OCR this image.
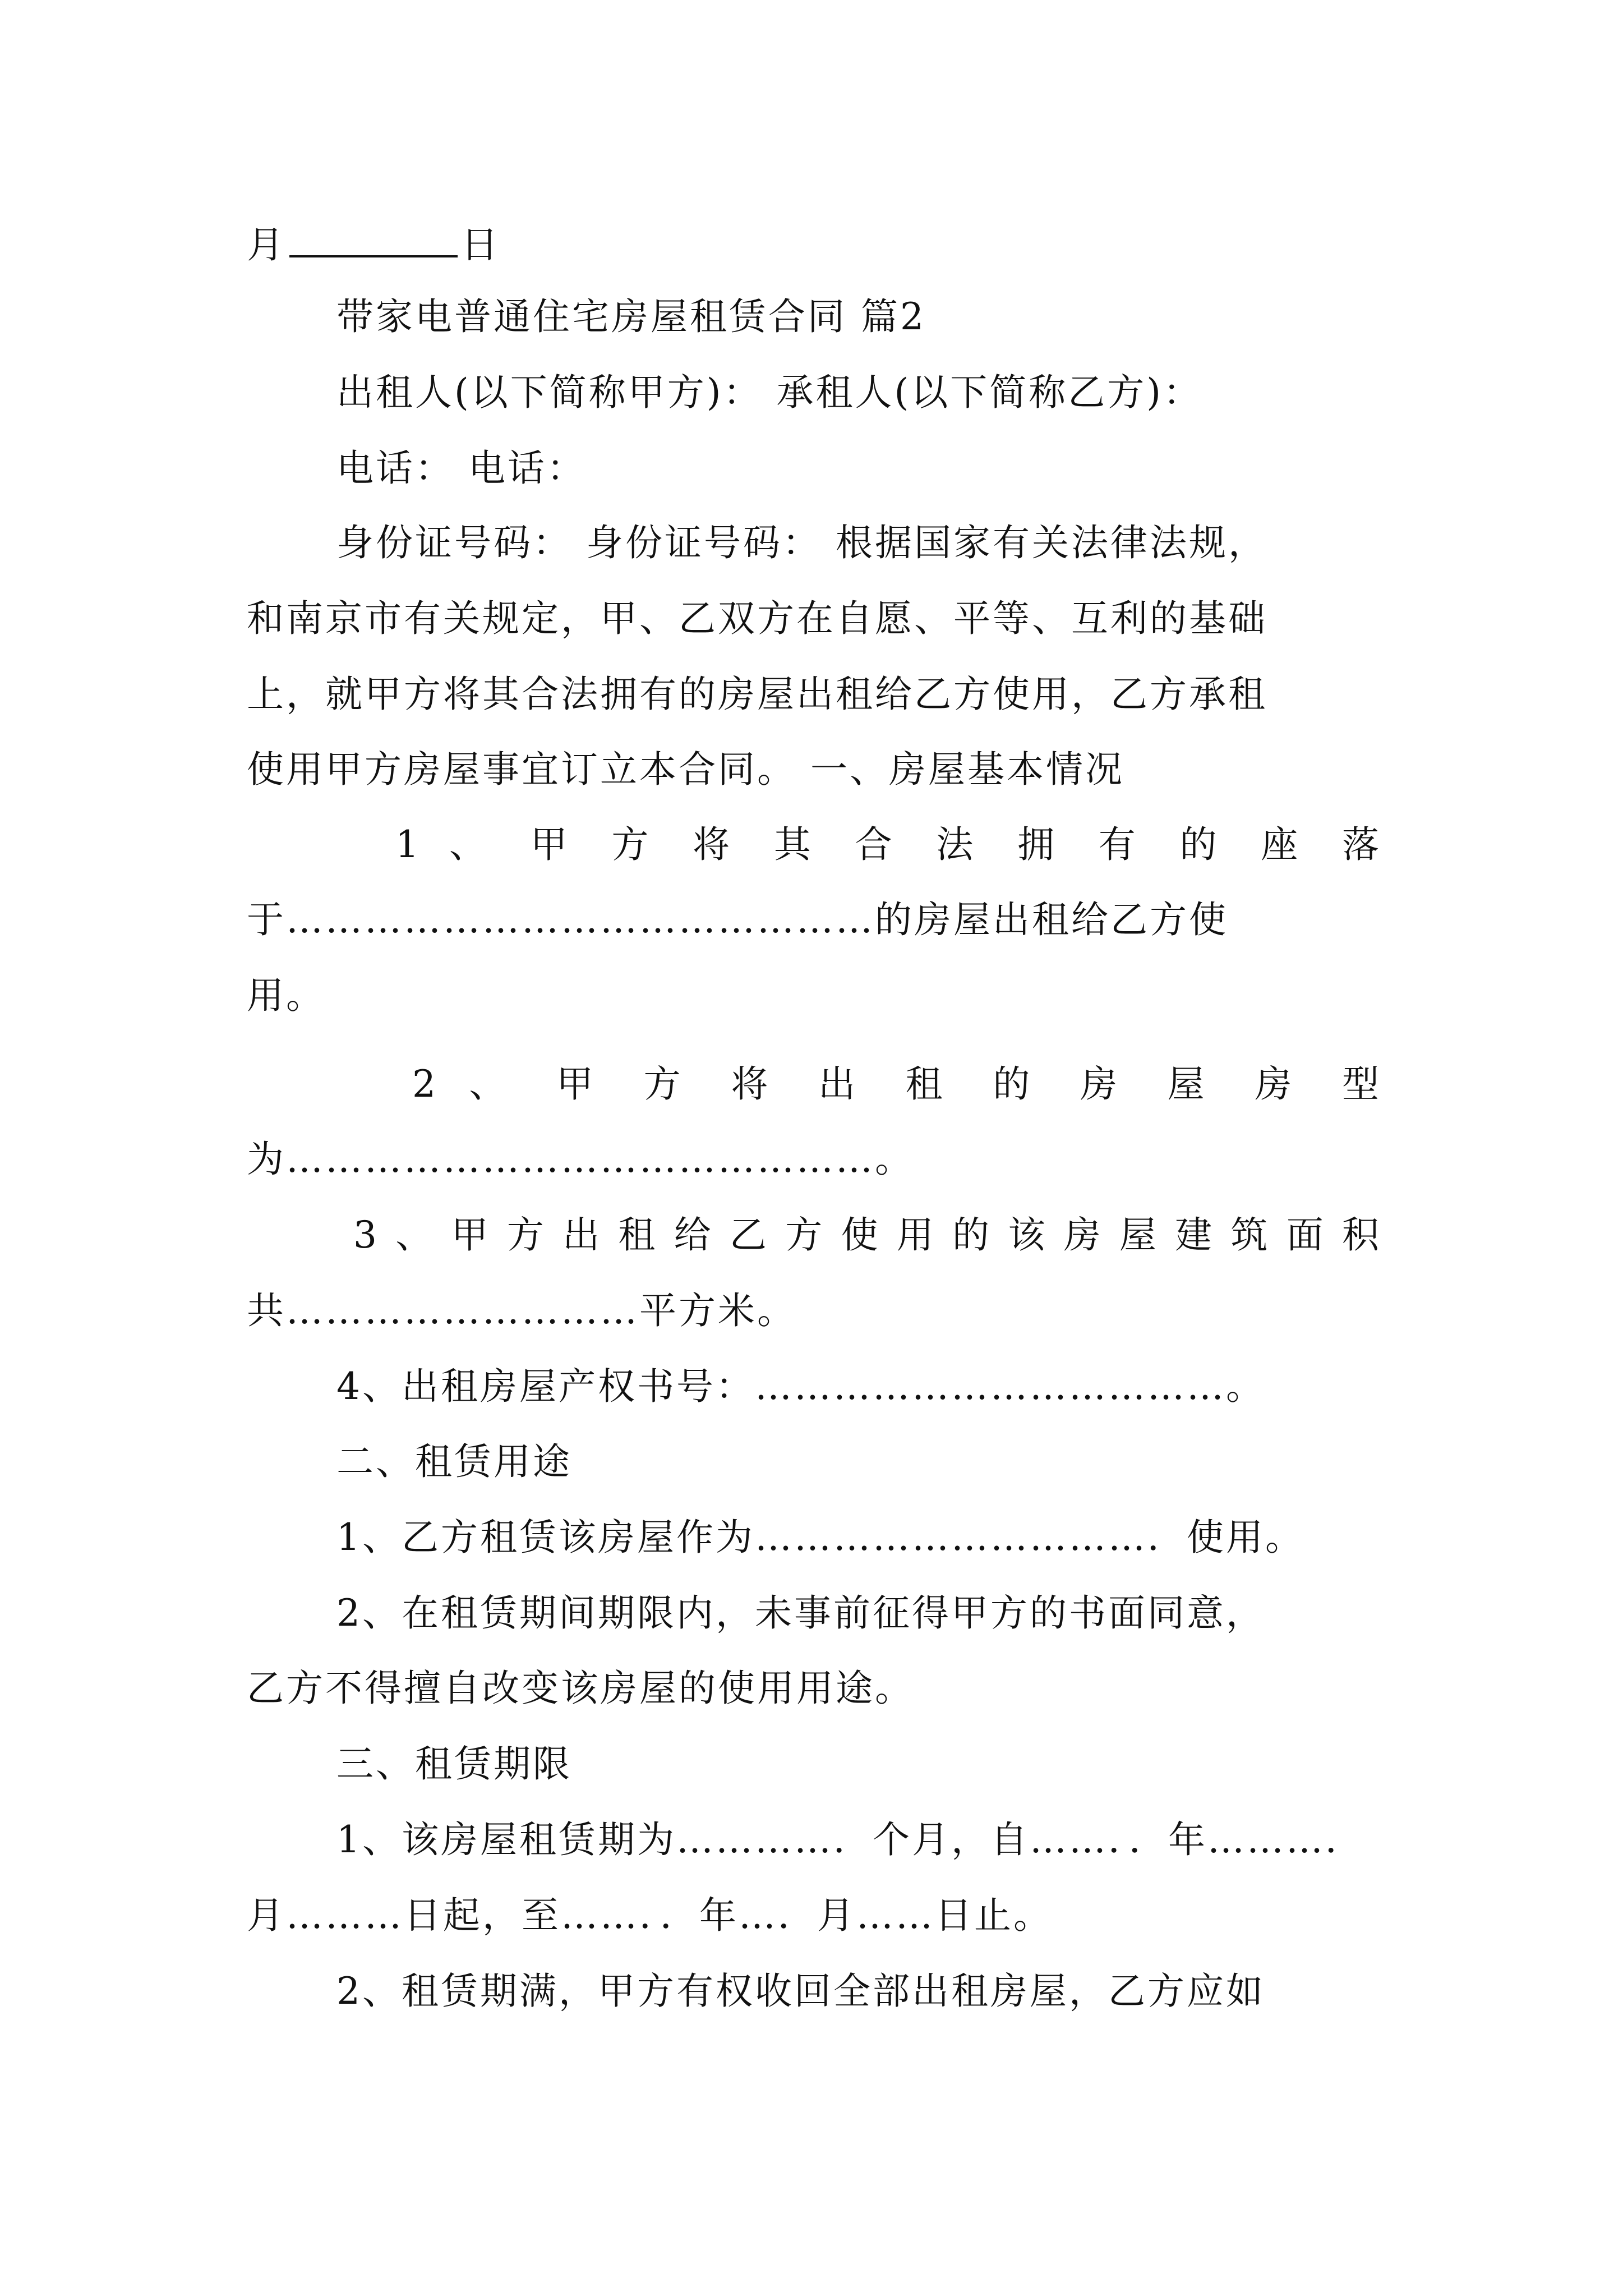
月	日
带家电普通住宅房屋租赁合同 篇2
出租人(以下简称甲方)： 承租人(以下简称乙方)：
电话： 电话：
身份证号码： 身份证号码： 根据国家有关法律法规，
和南京市有关规定，甲、乙双方在自愿、平等、互利的基础
上，就甲方将其合法拥有的房屋出租给乙方使用，乙方承租
使用甲方房屋事宜订立本合同。 一、房屋基本情况
1 、 甲 方 将 其 合 法 拥 有 的 座 落
于………………………………………的房屋出租给乙方使
用。
2 、 甲 方 将 出 租 的 房 屋 房 型
为………………………………………。
3、甲方出租给乙方使用的该房屋建筑面积
共………………………平方米。
4、出租房屋产权书号：………………………………。
二、租赁用途
1、乙方租赁该房屋作为…………………………．使用。
2、在租赁期间期限内，未事前征得甲方的书面同意，
乙方不得擅自改变该房屋的使用用途。
三、租赁期限
1、该房屋租赁期为…………．个月，自……．．年………．
月………日起，至……．．年…．月……日止。
2、租赁期满，甲方有权收回全部出租房屋，乙方应如
